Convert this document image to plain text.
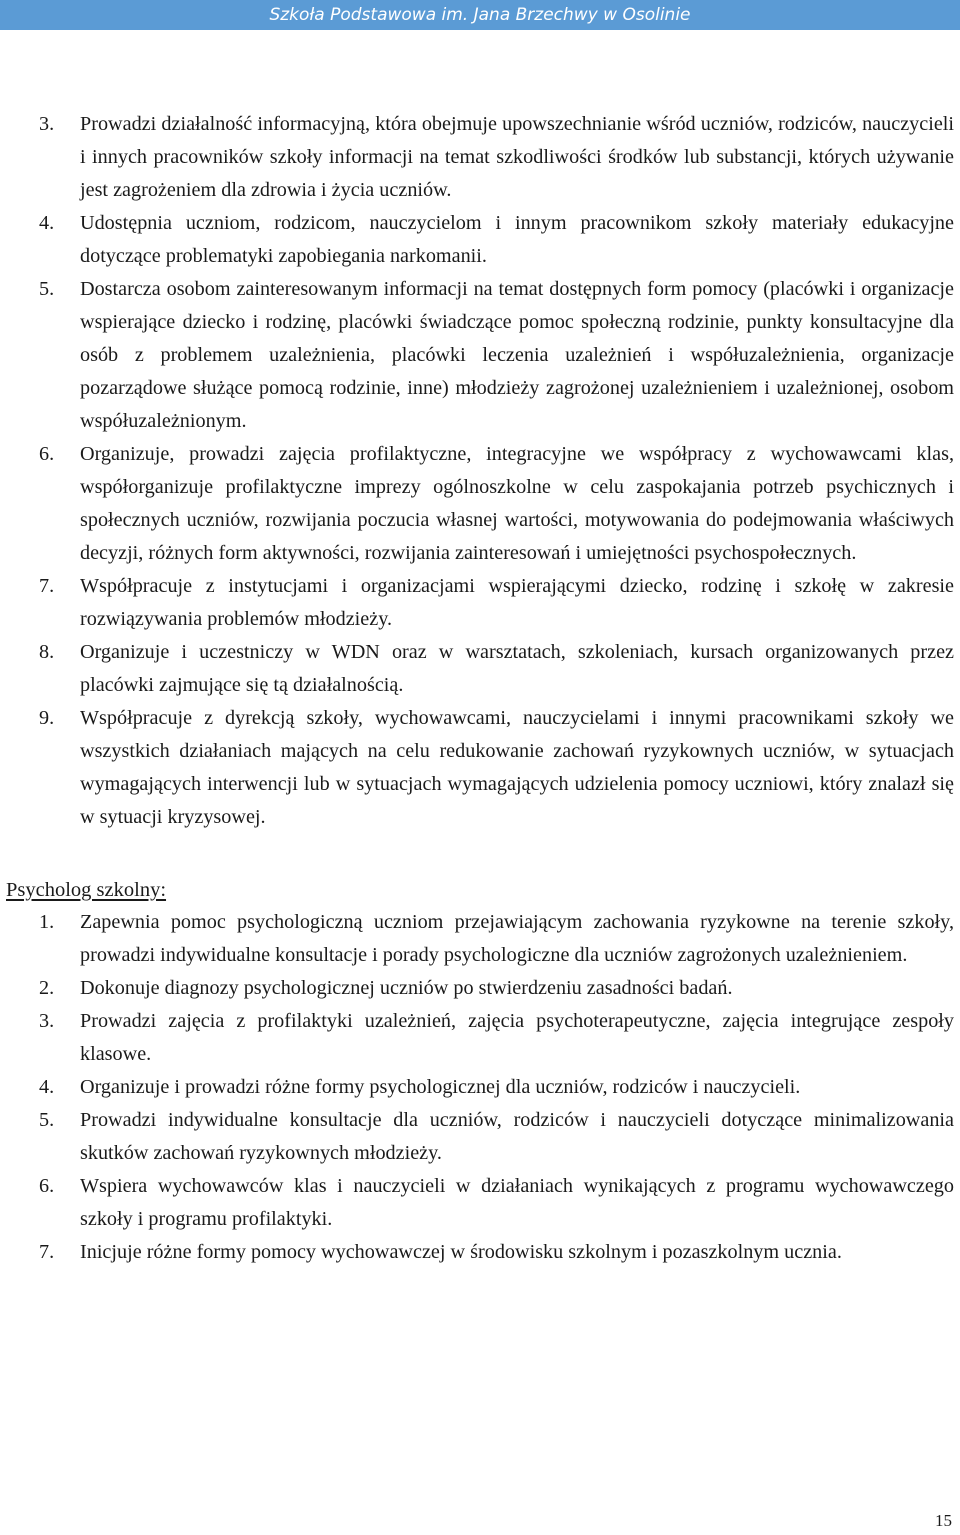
Szkoła Podstawowa im. Jana Brzechwy w Osolinie
3. Prowadzi działalność informacyjną, która obejmuje upowszechnianie wśród uczniów, rodziców, nauczycieli i innych pracowników szkoły informacji na temat szkodliwości środków lub substancji, których używanie jest zagrożeniem dla zdrowia i życia uczniów.
4. Udostępnia uczniom, rodzicom, nauczycielom i innym pracownikom szkoły materiały edukacyjne dotyczące problematyki zapobiegania narkomanii.
5. Dostarcza osobom zainteresowanym informacji na temat dostępnych form pomocy (placówki i organizacje wspierające dziecko i rodzinę, placówki świadczące pomoc społeczną rodzinie, punkty konsultacyjne dla osób z problemem uzależnienia, placówki leczenia uzależnień i współuzależnienia, organizacje pozarządowe służące pomocą rodzinie, inne) młodzieży zagrożonej uzależnieniem i uzależnionej, osobom współuzależnionym.
6. Organizuje, prowadzi zajęcia profilaktyczne, integracyjne we współpracy z wychowawcami klas, współorganizuje profilaktyczne imprezy ogólnoszkolne w celu zaspokajania potrzeb psychicznych i społecznych uczniów, rozwijania poczucia własnej wartości, motywowania do podejmowania właściwych decyzji, różnych form aktywności, rozwijania zainteresowań i umiejętności psychospołecznych.
7. Współpracuje z instytucjami i organizacjami wspierającymi dziecko, rodzinę i szkołę w zakresie rozwiązywania problemów młodzieży.
8. Organizuje i uczestniczy w WDN oraz w warsztatach, szkoleniach, kursach organizowanych przez placówki zajmujące się tą działalnością.
9. Współpracuje z dyrekcją szkoły, wychowawcami, nauczycielami i innymi pracownikami szkoły we wszystkich działaniach mających na celu redukowanie zachowań ryzykownych uczniów, w sytuacjach wymagających interwencji lub w sytuacjach wymagających udzielenia pomocy uczniowi, który znalazł się w sytuacji kryzysowej.
Psycholog szkolny:
1. Zapewnia pomoc psychologiczną uczniom przejawiającym zachowania ryzykowne na terenie szkoły, prowadzi indywidualne konsultacje i porady psychologiczne dla uczniów zagrożonych uzależnieniem.
2. Dokonuje diagnozy psychologicznej uczniów po stwierdzeniu zasadności badań.
3. Prowadzi zajęcia z profilaktyki uzależnień, zajęcia psychoterapeutyczne, zajęcia integrujące zespoły klasowe.
4. Organizuje i prowadzi różne formy psychologicznej dla uczniów, rodziców i nauczycieli.
5. Prowadzi indywidualne konsultacje dla uczniów, rodziców i nauczycieli dotyczące minimalizowania skutków zachowań ryzykownych młodzieży.
6. Wspiera wychowawców klas i nauczycieli w działaniach wynikających z programu wychowawczego szkoły i programu profilaktyki.
7. Inicjuje różne formy pomocy wychowawczej w środowisku szkolnym i pozaszkolnym ucznia.
15
